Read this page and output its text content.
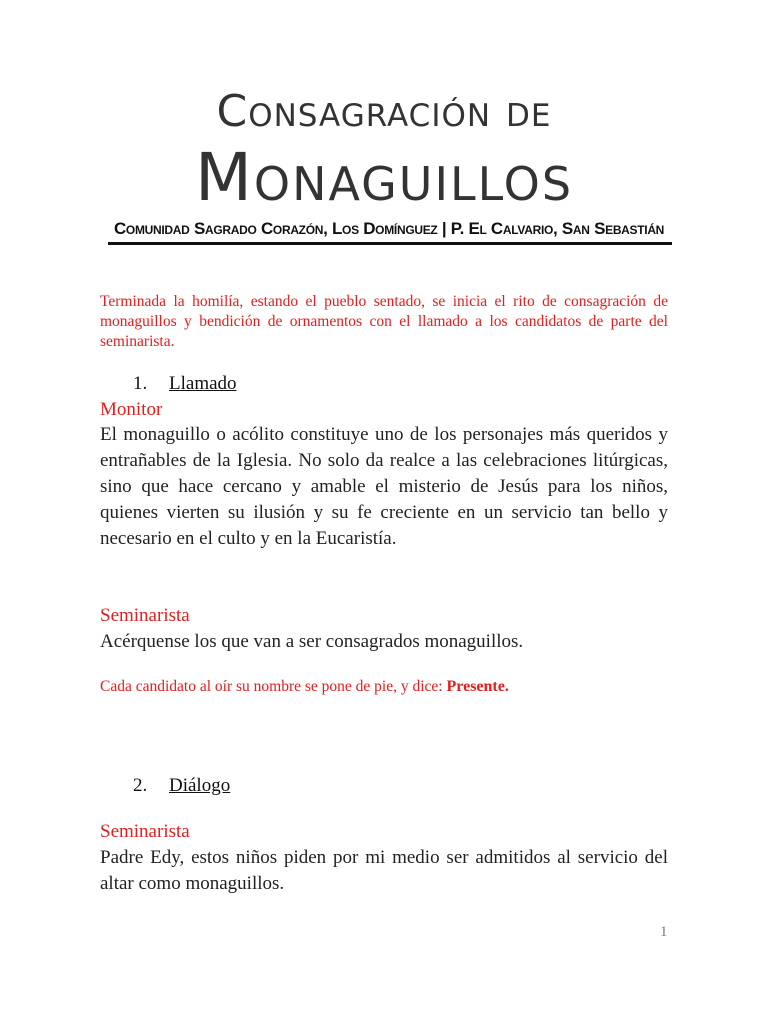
Consagración de
Monaguillos
Comunidad Sagrado Corazón, Los Domínguez | P. El Calvario, San Sebastián
Terminada la homilía, estando el pueblo sentado, se inicia el rito de consagración de monaguillos y bendición de ornamentos con el llamado a los candidatos de parte del seminarista.
1. Llamado
Monitor
El monaguillo o acólito constituye uno de los personajes más queridos y entrañables de la Iglesia. No solo da realce a las celebraciones litúrgicas, sino que hace cercano y amable el misterio de Jesús para los niños, quienes vierten su ilusión y su fe creciente en un servicio tan bello y necesario en el culto y en la Eucaristía.
Seminarista
Acérquense los que van a ser consagrados monaguillos.
Cada candidato al oír su nombre se pone de pie, y dice: Presente.
2. Diálogo
Seminarista
Padre Edy, estos niños piden por mi medio ser admitidos al servicio del altar como monaguillos.
1
